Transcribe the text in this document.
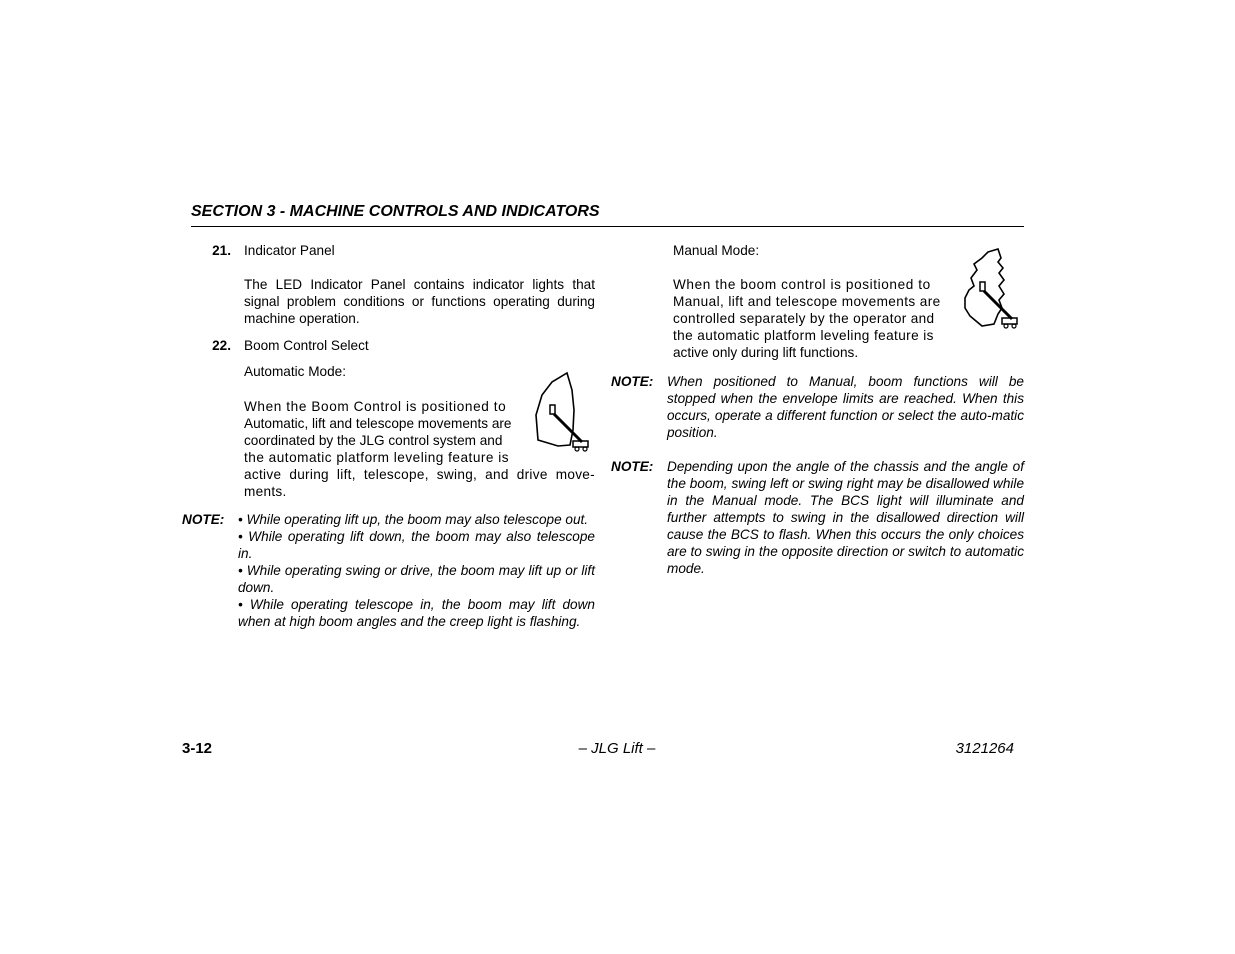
SECTION 3 - MACHINE CONTROLS AND INDICATORS
21. Indicator Panel

The LED Indicator Panel contains indicator lights that signal problem conditions or functions operating during machine operation.

22. Boom Control Select
Automatic Mode:
When the Boom Control is positioned to
Automatic, lift and telescope movements are
coordinated by the JLG control system and
the automatic platform leveling feature is

active during lift, telescope, swing, and drive move-ments.

NOTE: • While operating lift up, the boom may also telescope out.

• While operating lift down, the boom may also telescope in.

• While operating swing or drive, the boom may lift up or lift down.

• While operating telescope in, the boom may lift down when at high boom angles and the creep light is flashing.

Manual Mode:
When the boom control is positioned to
Manual, lift and telescope movements are
controlled separately by the operator and
the automatic platform leveling feature is
active only during lift functions.
NOTE: When positioned to Manual, boom functions will be stopped when the envelope limits are reached. When this occurs, operate a different function or select the auto-matic position.

NOTE: Depending upon the angle of the chassis and the angle of the boom, swing left or swing right may be disallowed while in the Manual mode. The BCS light will illuminate and further attempts to swing in the disallowed direction will cause the BCS to flash. When this occurs the only choices are to swing in the opposite direction or switch to automatic mode.

3-12	– JLG Lift –	3121264
